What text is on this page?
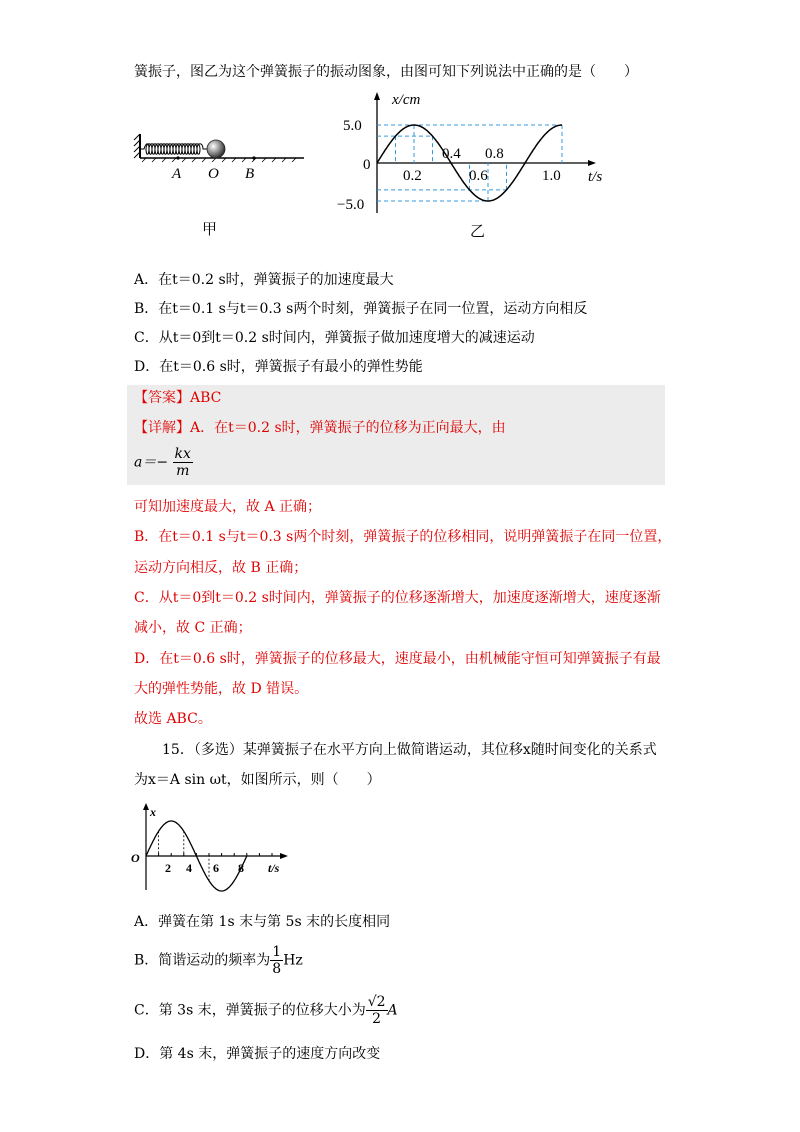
簧振子，图乙为这个弹簧振子的振动图象，由图可知下列说法中正确的是（　　）
A O B
甲
x/cm
t/s
5.0
0
−5.0
0.2	0.6	1.0
0.4 0.8
乙
A．在t＝0.2 s时，弹簧振子的加速度最大
B．在t＝0.1 s与t＝0.3 s两个时刻，弹簧振子在同一位置，运动方向相反
C．从t＝0到t＝0.2 s时间内，弹簧振子做加速度增大的减速运动
D．在t＝0.6 s时，弹簧振子有最小的弹性势能
【答案】ABC
【详解】A．在t＝0.2 s时，弹簧振子的位移为正向最大，由
$a=- \frac{kx}{m}$
可知加速度最大，故 A 正确；
B．在t＝0.1 s与t＝0.3 s两个时刻，弹簧振子的位移相同，说明弹簧振子在同一位置，
运动方向相反，故 B 正确；
C．从t＝0到t＝0.2 s时间内，弹簧振子的位移逐渐增大，加速度逐渐增大，速度逐渐
减小，故 C 正确；
D．在t＝0.6 s时，弹簧振子的位移最大，速度最小，由机械能守恒可知弹簧振子有最
大的弹性势能，故 D 错误。
故选 ABC。
15．（多选）某弹簧振子在水平方向上做简谐运动，其位移x随时间变化的关系式
为x＝A sin ωt，如图所示，则（　　）
x
O
2 4 6 8 t/s
A．弹簧在第 1s 末与第 5s 末的长度相同
B．简谐运动的频率为 $\frac{1}{8}$ Hz
C．第 3s 末，弹簧振子的位移大小为 $\frac{√2}{2}$ A
D．第 4s 末，弹簧振子的速度方向改变
